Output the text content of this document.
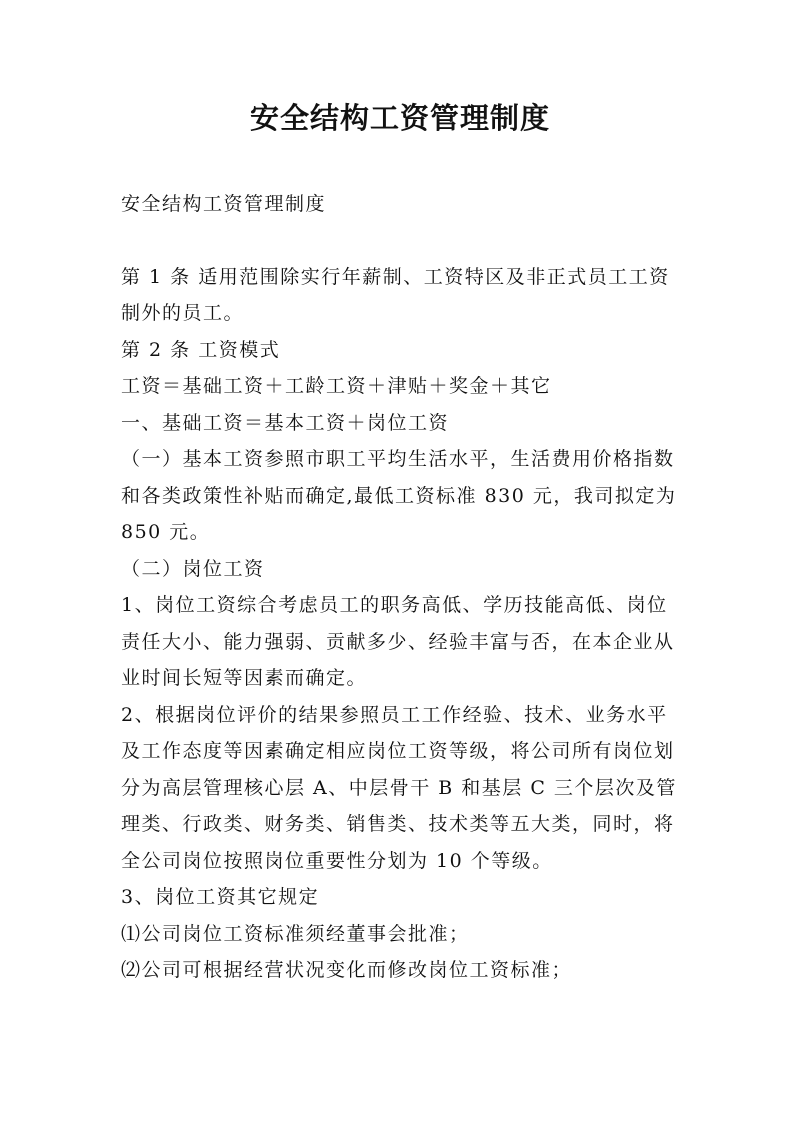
安全结构工资管理制度

安全结构工资管理制度

第 1 条 适用范围除实行年薪制、工资特区及非正式员工工资制外的员工。

第 2 条 工资模式

工资＝基础工资＋工龄工资＋津贴＋奖金＋其它

一、基础工资＝基本工资＋岗位工资

（一）基本工资参照市职工平均生活水平，生活费用价格指数和各类政策性补贴而确定,最低工资标准 830 元，我司拟定为 850 元。

（二）岗位工资

1、岗位工资综合考虑员工的职务高低、学历技能高低、岗位责任大小、能力强弱、贡献多少、经验丰富与否，在本企业从业时间长短等因素而确定。

2、根据岗位评价的结果参照员工工作经验、技术、业务水平及工作态度等因素确定相应岗位工资等级，将公司所有岗位划分为高层管理核心层 A、中层骨干 B 和基层 C 三个层次及管理类、行政类、财务类、销售类、技术类等五大类，同时，将全公司岗位按照岗位重要性分划为 10 个等级。

3、岗位工资其它规定

⑴公司岗位工资标准须经董事会批准；

⑵公司可根据经营状况变化而修改岗位工资标准；
